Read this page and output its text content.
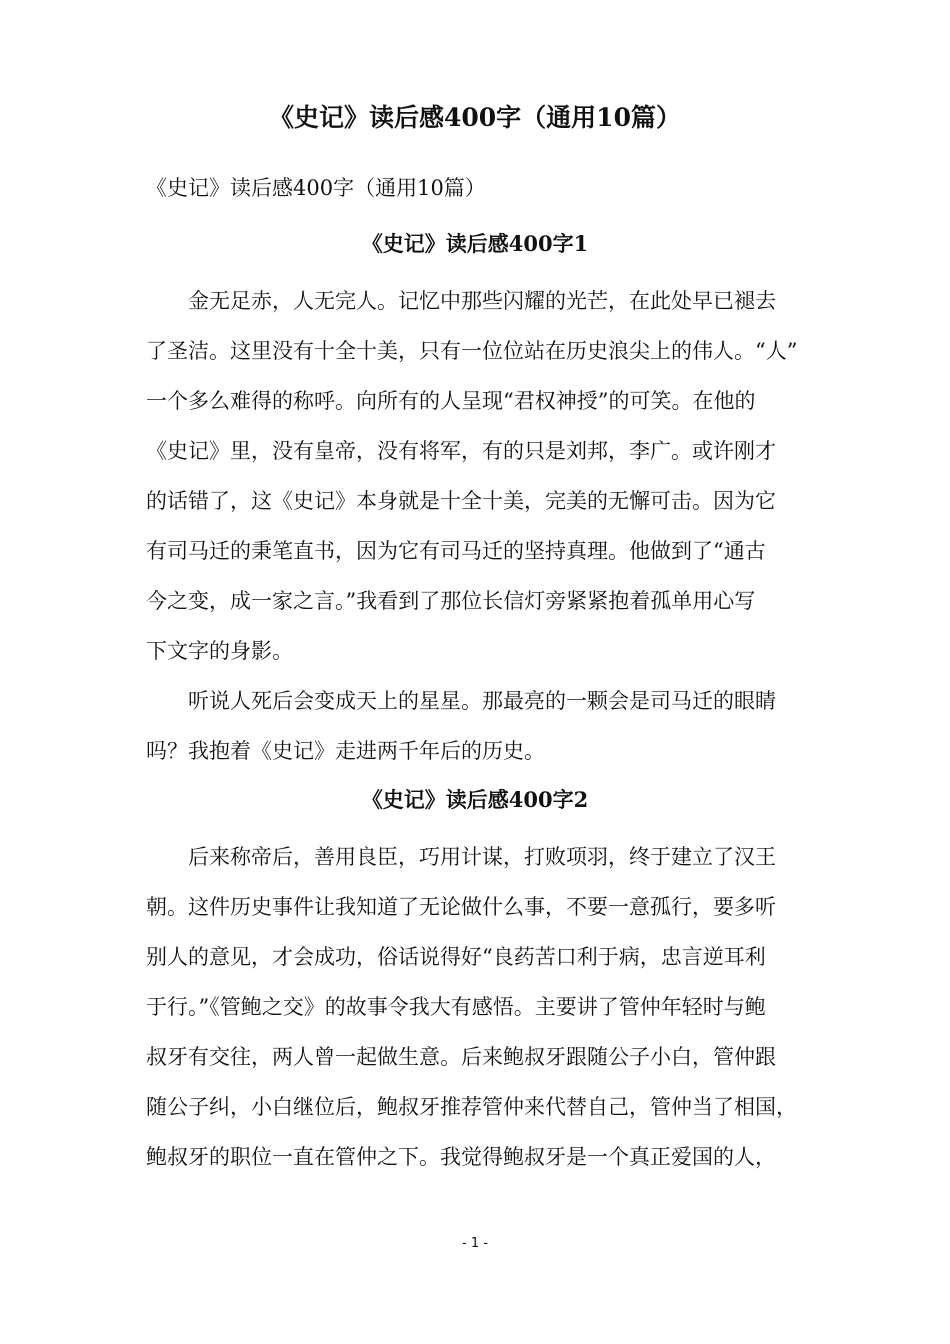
《史记》读后感400字（通用10篇）

《史记》读后感400字（通用10篇）

《史记》读后感400字1

金无足赤，人无完人。记忆中那些闪耀的光芒，在此处早已褪去
了圣洁。这里没有十全十美，只有一位位站在历史浪尖上的伟人。“人”
一个多么难得的称呼。向所有的人呈现“君权神授”的可笑。在他的
《史记》里，没有皇帝，没有将军，有的只是刘邦，李广。或许刚才
的话错了，这《史记》本身就是十全十美，完美的无懈可击。因为它
有司马迁的秉笔直书，因为它有司马迁的坚持真理。他做到了“通古
今之变，成一家之言。”我看到了那位长信灯旁紧紧抱着孤单用心写
下文字的身影。

听说人死后会变成天上的星星。那最亮的一颗会是司马迁的眼睛
吗？我抱着《史记》走进两千年后的历史。

《史记》读后感400字2

后来称帝后，善用良臣，巧用计谋，打败项羽，终于建立了汉王
朝。这件历史事件让我知道了无论做什么事，不要一意孤行，要多听
别人的意见，才会成功，俗话说得好“良药苦口利于病，忠言逆耳利
于行。”《管鲍之交》的故事令我大有感悟。主要讲了管仲年轻时与鲍
叔牙有交往，两人曾一起做生意。后来鲍叔牙跟随公子小白，管仲跟
随公子纠，小白继位后，鲍叔牙推荐管仲来代替自己，管仲当了相国，
鲍叔牙的职位一直在管仲之下。我觉得鲍叔牙是一个真正爱国的人，

- 1 -
